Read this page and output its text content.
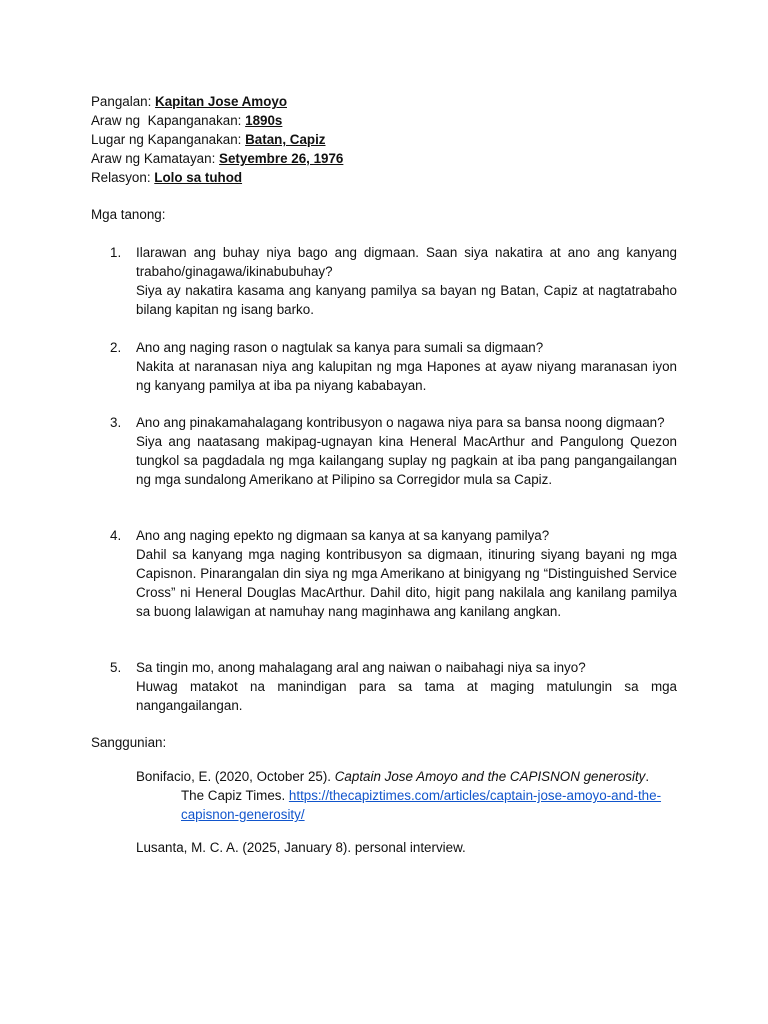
Pangalan: Kapitan Jose Amoyo
Araw ng  Kapanganakan: 1890s
Lugar ng Kapanganakan: Batan, Capiz
Araw ng Kamatayan: Setyembre 26, 1976
Relasyon: Lolo sa tuhod
Mga tanong:
1.	Ilarawan ang buhay niya bago ang digmaan. Saan siya nakatira at ano ang kanyang trabaho/ginagawa/ikinabubuhay?
Siya ay nakatira kasama ang kanyang pamilya sa bayan ng Batan, Capiz at nagtatrabaho bilang kapitan ng isang barko.
2.	Ano ang naging rason o nagtulak sa kanya para sumali sa digmaan?
Nakita at naranasan niya ang kalupitan ng mga Hapones at ayaw niyang maranasan iyon ng kanyang pamilya at iba pa niyang kababayan.
3.	Ano ang pinakamahalagang kontribusyon o nagawa niya para sa bansa noong digmaan?
Siya ang naatasang makipag-ugnayan kina Heneral MacArthur and Pangulong Quezon tungkol sa pagdadala ng mga kailangang suplay ng pagkain at iba pang pangangailangan ng mga sundalong Amerikano at Pilipino sa Corregidor mula sa Capiz.
4.	Ano ang naging epekto ng digmaan sa kanya at sa kanyang pamilya?
Dahil sa kanyang mga naging kontribusyon sa digmaan, itinuring siyang bayani ng mga Capisnon. Pinarangalan din siya ng mga Amerikano at binigyang ng “Distinguished Service Cross” ni Heneral Douglas MacArthur. Dahil dito, higit pang nakilala ang kanilang pamilya sa buong lalawigan at namuhay nang maginhawa ang kanilang angkan.
5.	Sa tingin mo, anong mahalagang aral ang naiwan o naibahagi niya sa inyo?
Huwag matakot na manindigan para sa tama at maging matulungin sa mga nangangailangan.
Sanggunian:
Bonifacio, E. (2020, October 25). Captain Jose Amoyo and the CAPISNON generosity.
The Capiz Times. https://thecapiztimes.com/articles/captain-jose-amoyo-and-the-capisnon-generosity/
Lusanta, M. C. A. (2025, January 8). personal interview.
